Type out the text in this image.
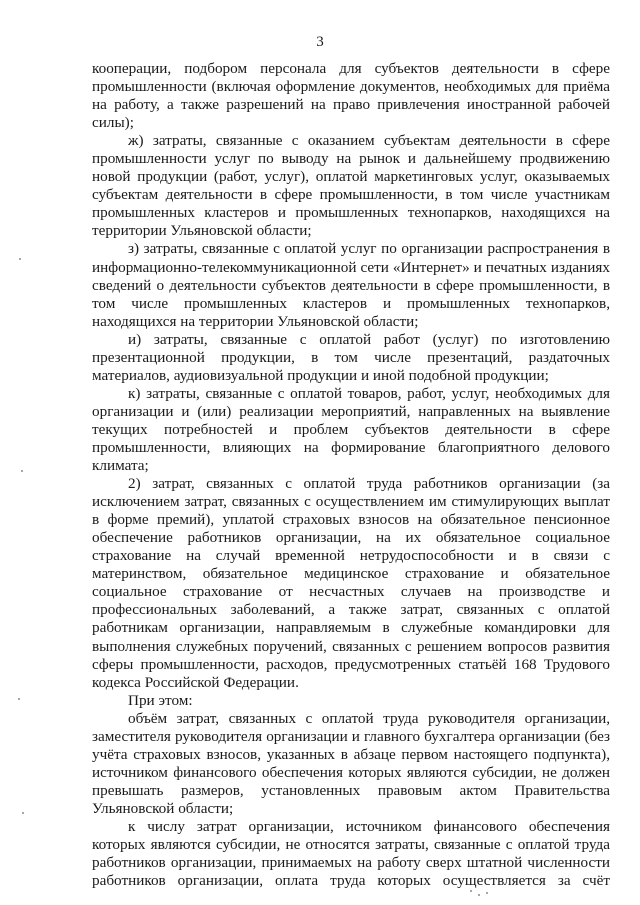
3

кооперации, подбором персонала для субъектов деятельности в сфере промышленности (включая оформление документов, необходимых для приёма на работу, а также разрешений на право привлечения иностранной рабочей силы);

ж) затраты, связанные с оказанием субъектам деятельности в сфере промышленности услуг по выводу на рынок и дальнейшему продвижению новой продукции (работ, услуг), оплатой маркетинговых услуг, оказываемых субъектам деятельности в сфере промышленности, в том числе участникам промышленных кластеров и промышленных технопарков, находящихся на территории Ульяновской области;

з) затраты, связанные с оплатой услуг по организации распространения в информационно-телекоммуникационной сети «Интернет» и печатных изданиях сведений о деятельности субъектов деятельности в сфере промышленности, в том числе промышленных кластеров и промышленных технопарков, находящихся на территории Ульяновской области;

и) затраты, связанные с оплатой работ (услуг) по изготовлению презентационной продукции, в том числе презентаций, раздаточных материалов, аудиовизуальной продукции и иной подобной продукции;

к) затраты, связанные с оплатой товаров, работ, услуг, необходимых для организации и (или) реализации мероприятий, направленных на выявление текущих потребностей и проблем субъектов деятельности в сфере промышленности, влияющих на формирование благоприятного делового климата;

2) затрат, связанных с оплатой труда работников организации (за исключением затрат, связанных с осуществлением им стимулирующих выплат в форме премий), уплатой страховых взносов на обязательное пенсионное обеспечение работников организации, на их обязательное социальное страхование на случай временной нетрудоспособности и в связи с материнством, обязательное медицинское страхование и обязательное социальное страхование от несчастных случаев на производстве и профессиональных заболеваний, а также затрат, связанных с оплатой работникам организации, направляемым в служебные командировки для выполнения служебных поручений, связанных с решением вопросов развития сферы промышленности, расходов, предусмотренных статьёй 168 Трудового кодекса Российской Федерации.

При этом:

объём затрат, связанных с оплатой труда руководителя организации, заместителя руководителя организации и главного бухгалтера организации (без учёта страховых взносов, указанных в абзаце первом настоящего подпункта), источником финансового обеспечения которых являются субсидии, не должен превышать размеров, установленных правовым актом Правительства Ульяновской области;

к числу затрат организации, источником финансового обеспечения которых являются субсидии, не относятся затраты, связанные с оплатой труда работников организации, принимаемых на работу сверх штатной численности работников организации, оплата труда которых осуществляется за счёт
